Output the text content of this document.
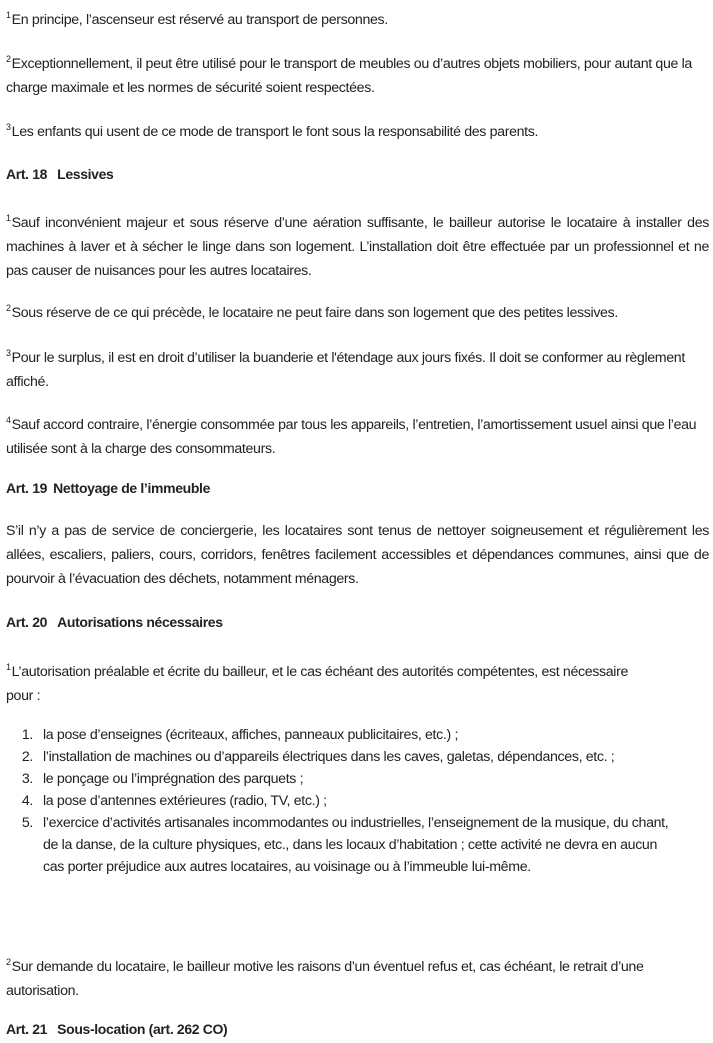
$^1$En principe, l’ascenseur est réservé au transport de personnes.

$^2$Exceptionnellement, il peut être utilisé pour le transport de meubles ou d’autres objets mobiliers, pour autant que la charge maximale et les normes de sécurité soient respectées.

$^3$Les enfants qui usent de ce mode de transport le font sous la responsabilité des parents.

Art. 18 Lessives

$^1$Sauf inconvénient majeur et sous réserve d’une aération suffisante, le bailleur autorise le locataire à installer des machines à laver et à sécher le linge dans son logement. L’installation doit être effectuée par un professionnel et ne pas causer de nuisances pour les autres locataires.

$^2$Sous réserve de ce qui précède, le locataire ne peut faire dans son logement que des petites lessives.

$^3$Pour le surplus, il est en droit d’utiliser la buanderie et l'étendage aux jours fixés. Il doit se conformer au règlement affiché.

$^4$Sauf accord contraire, l’énergie consommée par tous les appareils, l’entretien, l’amortissement usuel ainsi que l’eau utilisée sont à la charge des consommateurs.

Art. 19 Nettoyage de l’immeuble

S’il n’y a pas de service de conciergerie, les locataires sont tenus de nettoyer soigneusement et régulièrement les allées, escaliers, paliers, cours, corridors, fenêtres facilement accessibles et dépendances communes, ainsi que de pourvoir à l’évacuation des déchets, notamment ménagers.

Art. 20 Autorisations nécessaires

$^1$L’autorisation préalable et écrite du bailleur, et le cas échéant des autorités compétentes, est nécessaire pour :

1. la pose d’enseignes (écriteaux, affiches, panneaux publicitaires, etc.) ;
2. l’installation de machines ou d’appareils électriques dans les caves, galetas, dépendances, etc. ;
3. le ponçage ou l’imprégnation des parquets ;
4. la pose d’antennes extérieures (radio, TV, etc.) ;
5. l’exercice d’activités artisanales incommodantes ou industrielles, l’enseignement de la musique, du chant, de la danse, de la culture physiques, etc., dans les locaux d’habitation ; cette activité ne devra en aucun cas porter préjudice aux autres locataires, au voisinage ou à l’immeuble lui-même.

$^2$Sur demande du locataire, le bailleur motive les raisons d’un éventuel refus et, cas échéant, le retrait d’une autorisation.

Art. 21 Sous-location (art. 262 CO)
